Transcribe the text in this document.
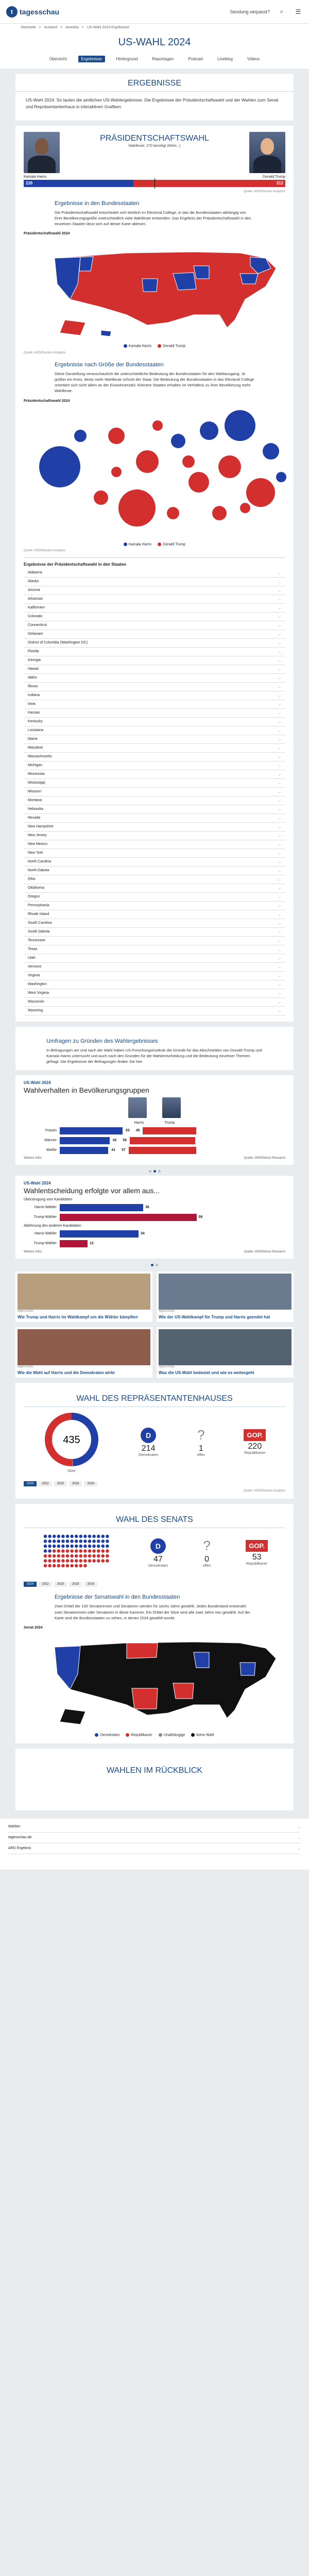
t tagesschau	Sendung verpasst?	⌕	☰
Startseite > Ausland > Amerika > US-Wahl 2024 Ergebnisse
US-WAHL 2024
Übersicht	Ergebnisse	Hintergrund	Reportagen	Podcast	Liveblog	Videos
ERGEBNISSE

US-Wahl 2024: So lauten die amtlichen US-Wahlergebnisse. Die Ergebnisse der Präsidentschaftswahl und der Wahlen zum Senat und Repräsentantenhaus in interaktiven Grafiken.

PRÄSIDENTSCHAFTSWAHL
Wahlleute: 270 benötigt (Mehr...)
Kamala Harris	Donald Trump
226	312
Quelle: ARD/Election Analytics
Ergebnisse in den Bundesstaaten

Die Präsidentschaftswahl entscheidet sich letztlich im Electoral College, in das die Bundesstaaten abhängig von ihrer Bevölkerungsgröße unterschiedlich viele Wahlleute entsenden. Das Ergebnis der Präsidentschaftswahl in den einzelnen Staaten lässt sich auf dieser Karte ablesen.

Präsidentschaftswahl 2024
Kamala Harris	Donald Trump
Quelle: ARD/Election Analytics
Ergebnisse nach Größe der Bundesstaaten

Diese Darstellung veranschaulicht die unterschiedliche Bedeutung der Bundesstaaten für den Wahlausgang: Je größer ein Kreis, desto mehr Wahlleute schickt der Staat. Die Bedeutung der Bundesstaaten in das Electoral College orientiert sich nicht allein an der Einwohnerzahl. Kleinere Staaten erhalten im Verhältnis zu ihrer Bevölkerung mehr Wahlleute.

Präsidentschaftswahl 2024
Kamala Harris	Donald Trump
Quelle: ARD/Election Analytics
Ergebnisse der Präsidentschaftswahl in den Staaten
Alabama	⌄
Alaska	⌄
Arizona	⌄
Arkansas	⌄
Kalifornien	⌄
Colorado	⌄
Connecticut	⌄
Delaware	⌄
District of Columbia (Washington DC)	⌄
Florida	⌄
Georgia	⌄
Hawaii	⌄
Idaho	⌄
Illinois	⌄
Indiana	⌄
Iowa	⌄
Kansas	⌄
Kentucky	⌄
Louisiana	⌄
Maine	⌄
Maryland	⌄
Massachusetts	⌄
Michigan	⌄
Minnesota	⌄
Mississippi	⌄
Missouri	⌄
Montana	⌄
Nebraska	⌄
Nevada	⌄
New Hampshire	⌄
New Jersey	⌄
New Mexico	⌄
New York	⌄
North Carolina	⌄
North Dakota	⌄
Ohio	⌄
Oklahoma	⌄
Oregon	⌄
Pennsylvania	⌄
Rhode Island	⌄
South Carolina	⌄
South Dakota	⌄
Tennessee	⌄
Texas	⌄
Utah	⌄
Vermont	⌄
Virginia	⌄
Washington	⌄
West Virginia	⌄
Wisconsin	⌄
Wyoming	⌄
Umfragen zu Gründen des Wahlergebnisses

In Befragungen am und nach der Wahl haben US-Forschungsinstitute die Gründe für das Abschneiden von Donald Trump und Kamala Harris untersucht und auch nach den Gründen für die Wahlentscheidung und die Bedeutung einzelner Themen gefragt. Die Ergebnisse der Befragungen finden Sie hier.

US-Wahl 2024
Wahlverhalten in Bevölkerungsgruppen
Harris	Trump
Frauen	53 45
Männer	42 55
Weiße	41 57
Weitere Infos	Quelle: ARD/Edison Research
US-Wahl 2024
Wahlentscheidung erfolgte vor allem aus...
Überzeugung vom Kandidaten
Harris-Wähler	36
Trump-Wähler	59
Ablehnung des anderen Kandidaten
Harris-Wähler	34
Trump-Wähler	12
Weitere Infos	Quelle: ARD/Edison Research
tagesschau
Wie Trump und Harris im Wahlkampf um die Wähler kämpften
tagesschau
Wie der US-Wahlkampf für Trump und Harris geendet hat
tagesschau
Wie die Wahl auf Harris und die Demokraten wirkt
tagesschau
Was die US-Wahl bedeutet und wie es weitergeht
WAHL DES REPRÄSENTANTENHAUSES
435
Sitze
D
214
Demokraten
?
1
offen
GOP.
220
Republikaner
2024	2022	2020	2018	2016
Quelle: ARD/Election Analytics
WAHL DES SENATS
D
47
Demokraten
?
0
offen
GOP.
53
Republikaner
2024	2022	2020	2018	2016
Ergebnisse der Senatswahl in den Bundesstaaten

Zwei Drittel der 100 Senatorinnen und Senatoren werden für sechs Jahre gewählt. Jedes Bundesland entsendet zwei Senatorinnen oder Senatoren in diese Kammer. Ein Drittel der Sitze wird alle zwei Jahre neu gewählt. Auf der Karte sind die Bundesstaaten zu sehen, in denen 2024 gewählt wurde.

Senat 2024
Demokraten	Republikaner	Unabhängige	keine Wahl
WAHLEN IM RÜCKBLICK
Wahlen	⌄
tagesschau.de	⌄
ARD Ergebnis	⌄
